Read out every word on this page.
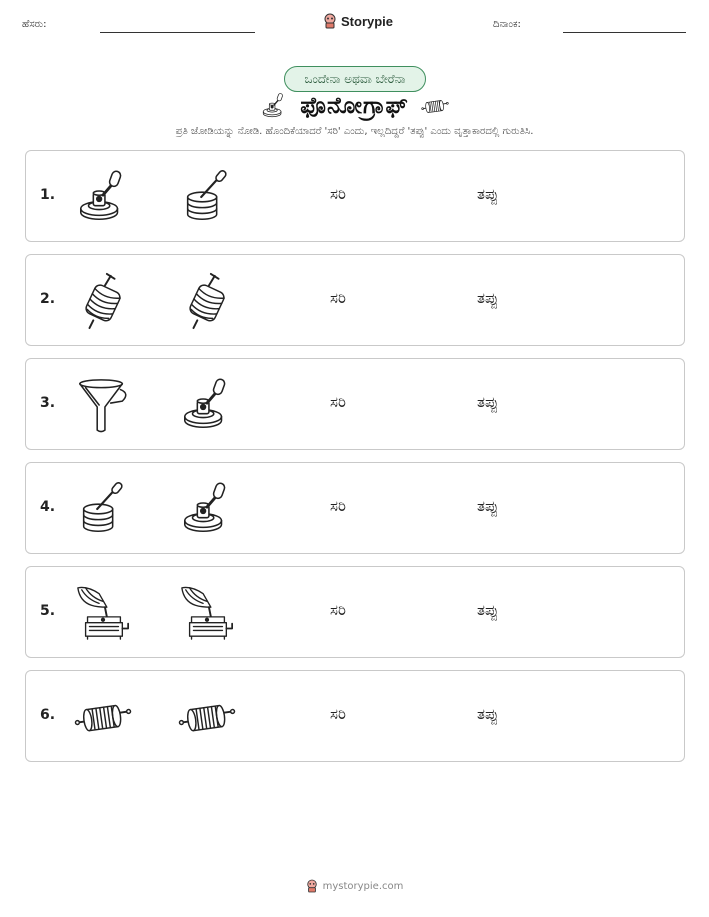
ಹೆಸರು:	Storypie	ದಿನಾಂಕ:
ಒಂದೇನಾ ಅಥವಾ ಬೇರೆನಾ
ಫೊನೋಗ್ರಾಫ್
ಪ್ರತಿ ಜೋಡಿಯನ್ನು ನೋಡಿ. ಹೊಂದಿಕೆಯಾದರೆ 'ಸರಿ' ಎಂದು, ಇಲ್ಲದಿದ್ದರೆ 'ತಪ್ಪು' ಎಂದು ವೃತ್ತಾಕಾರದಲ್ಲಿ ಗುರುತಿಸಿ.
1.	ಸರಿ	ತಪ್ಪು
2.	ಸರಿ	ತಪ್ಪು
3.	ಸರಿ	ತಪ್ಪು
4.	ಸರಿ	ತಪ್ಪು
5.	ಸರಿ	ತಪ್ಪು
6.	ಸರಿ	ತಪ್ಪು
mystorypie.com
